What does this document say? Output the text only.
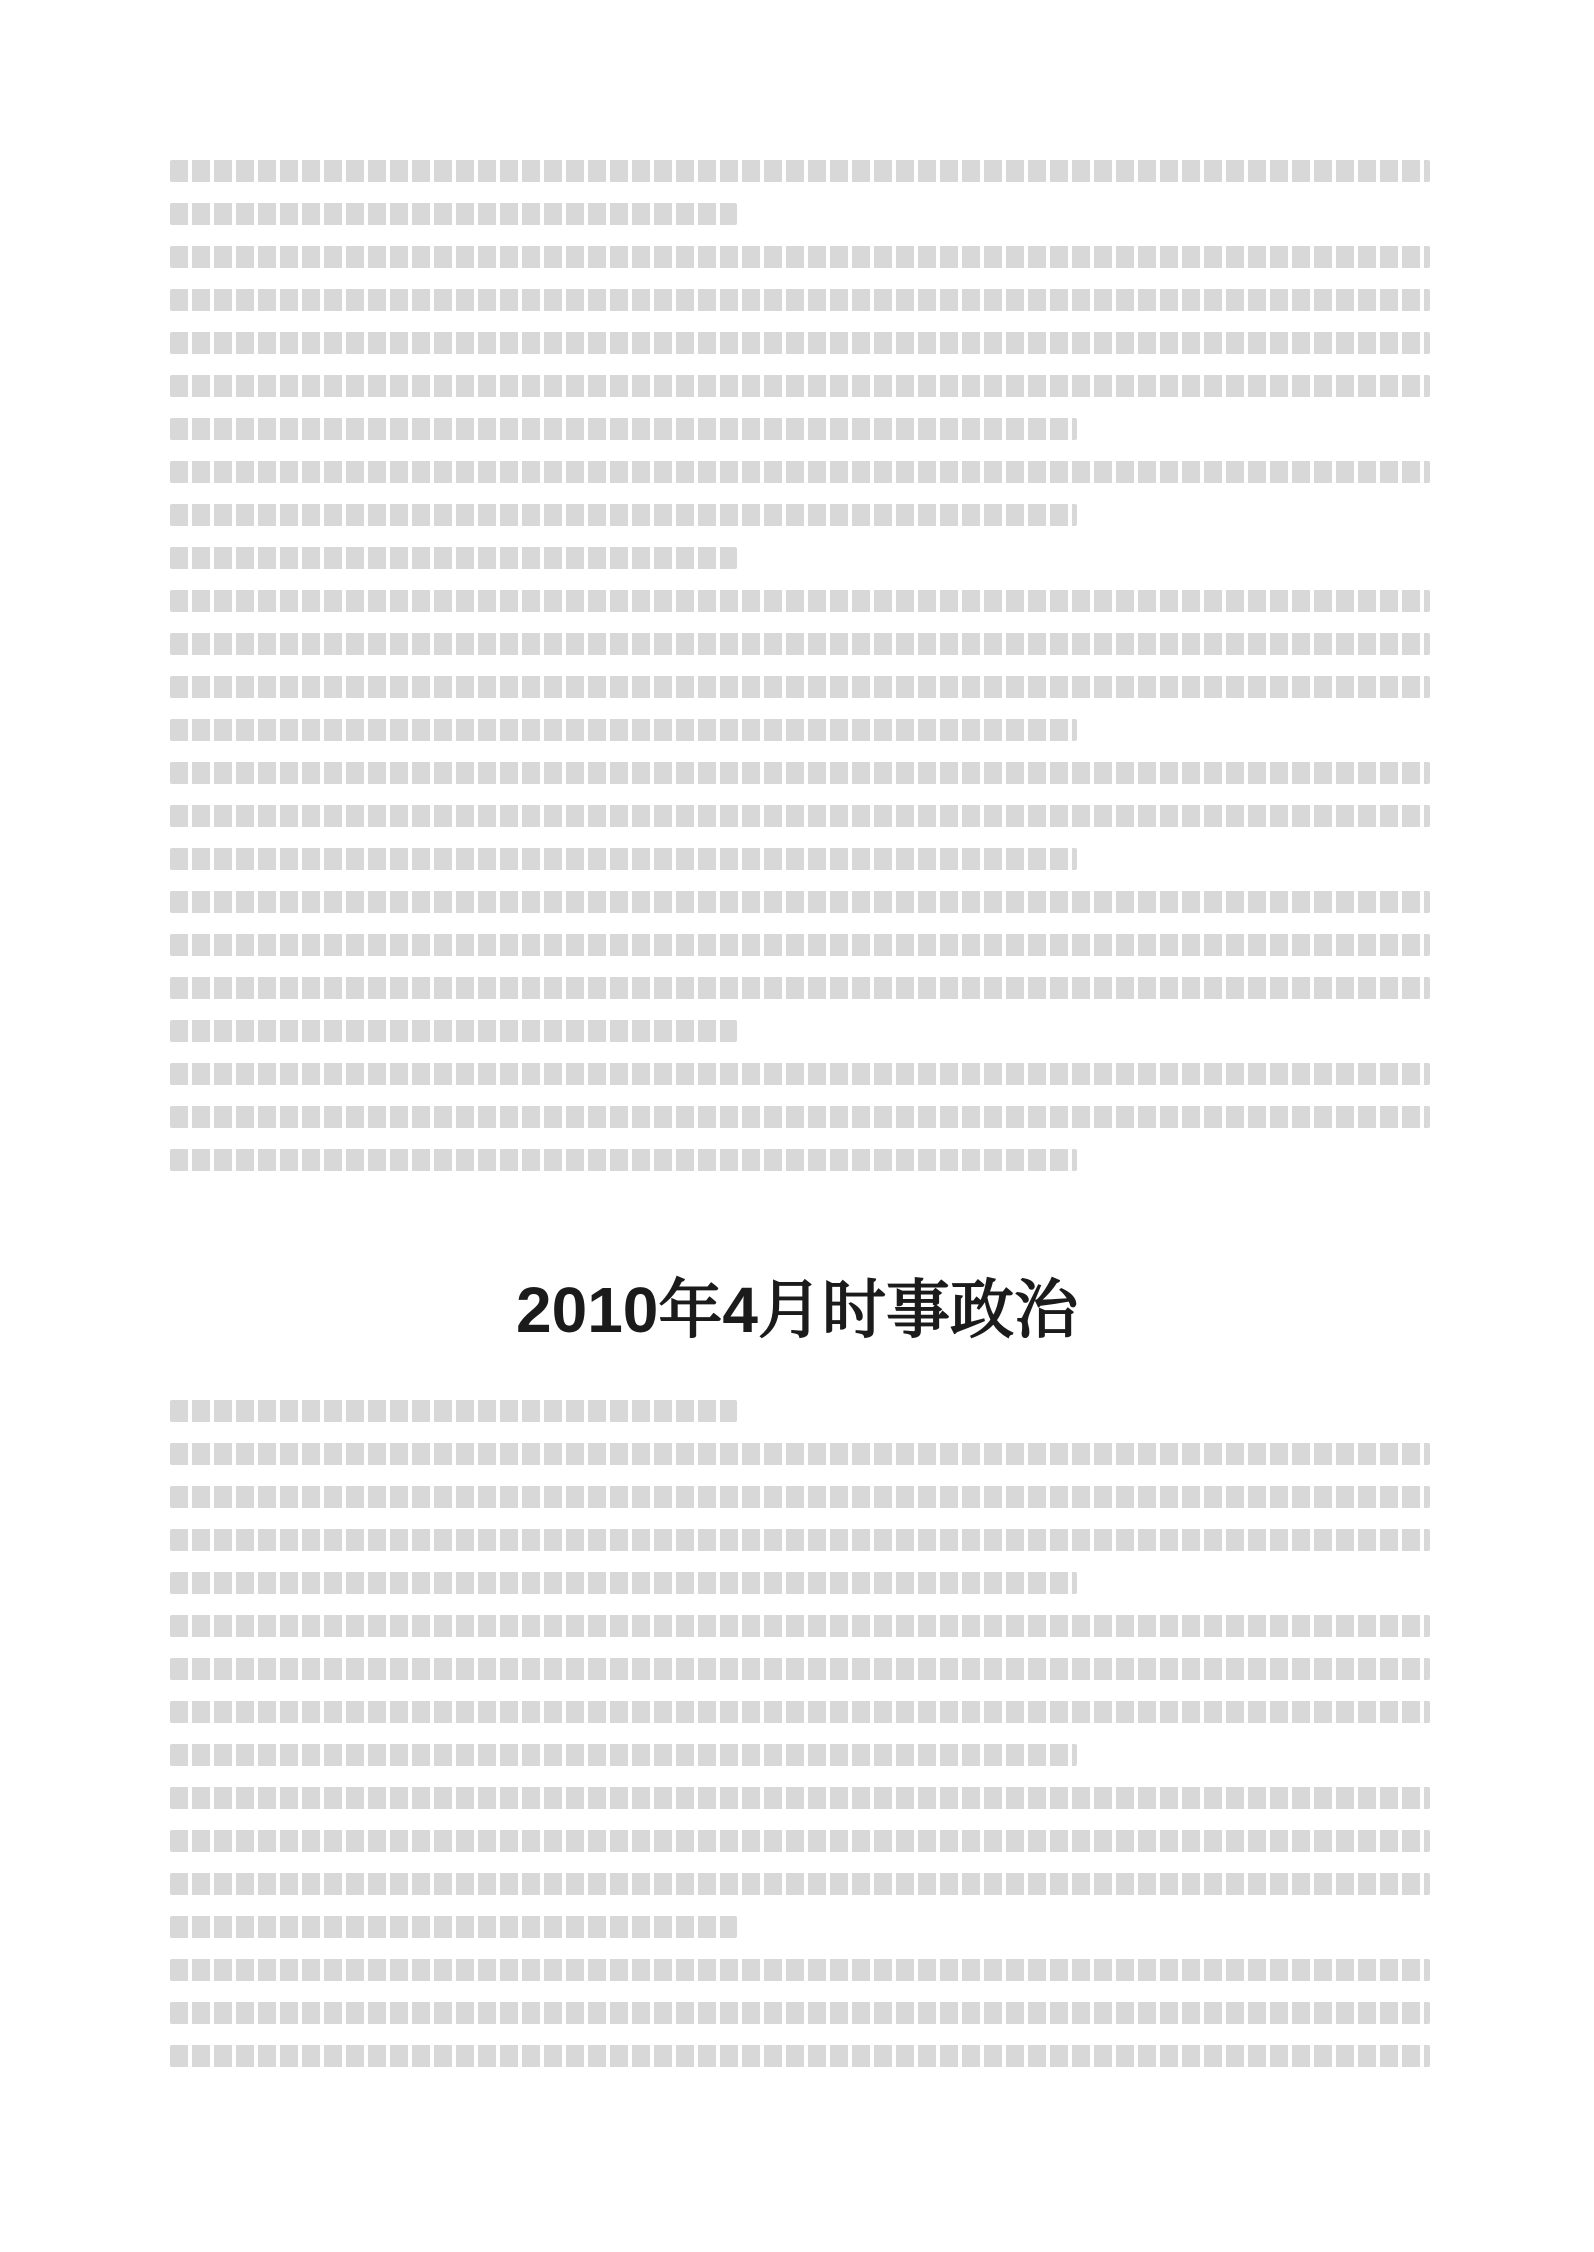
2010年4月时事政治
